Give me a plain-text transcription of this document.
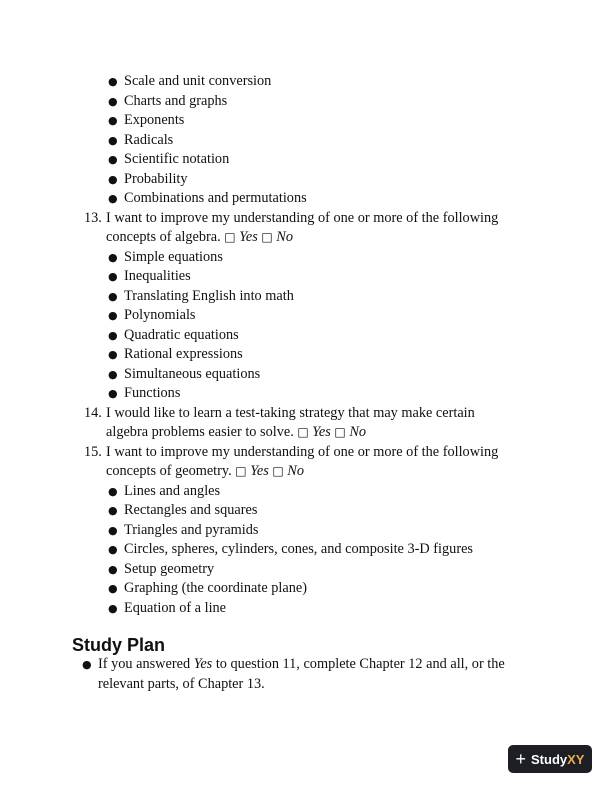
● Scale and unit conversion
● Charts and graphs
● Exponents
● Radicals
● Scientific notation
● Probability
● Combinations and permutations
13. I want to improve my understanding of one or more of the following
concepts of algebra. □ Yes □ No
● Simple equations
● Inequalities
● Translating English into math
● Polynomials
● Quadratic equations
● Rational expressions
● Simultaneous equations
● Functions
14. I would like to learn a test-taking strategy that may make certain
algebra problems easier to solve. □ Yes □ No
15. I want to improve my understanding of one or more of the following
concepts of geometry. □ Yes □ No
● Lines and angles
● Rectangles and squares
● Triangles and pyramids
● Circles, spheres, cylinders, cones, and composite 3-D figures
● Setup geometry
● Graphing (the coordinate plane)
● Equation of a line
Study Plan
● If you answered Yes to question 11, complete Chapter 12 and all, or the
relevant parts, of Chapter 13.
+ StudyXY
